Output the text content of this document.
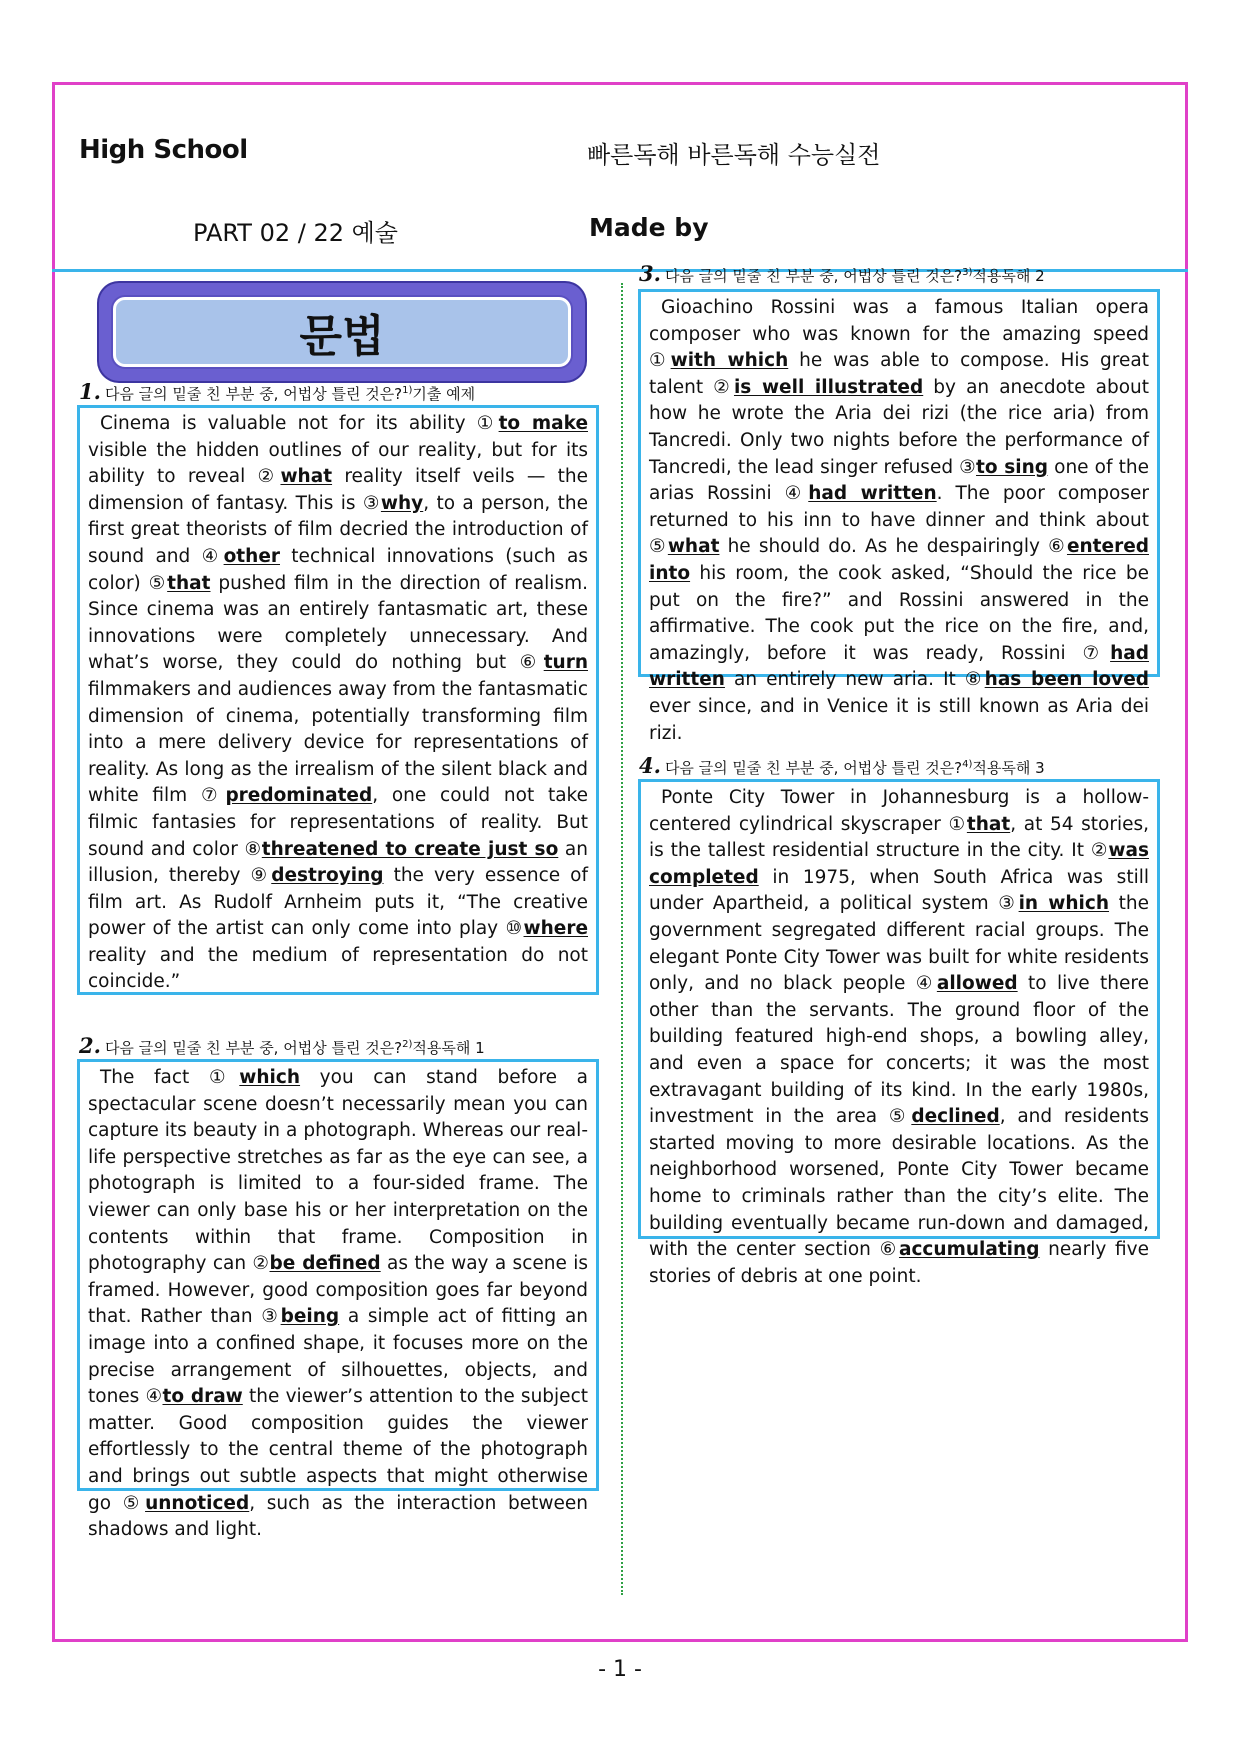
High School	빠른독해 바른독해 수능실전
PART 02 / 22 예술	Made by
문법
1. 다음 글의 밑줄 친 부분 중, 어법상 틀린 것은?$^{1)}$기출 예제
Cinema is valuable not for its ability ①to make visible the hidden outlines of our reality, but for its ability to reveal ②what reality itself veils — the dimension of fantasy. This is ③why, to a person, the first great theorists of film decried the introduction of sound and ④other technical innovations (such as color) ⑤that pushed film in the direction of realism. Since cinema was an entirely fantasmatic art, these innovations were completely unnecessary. And what’s worse, they could do nothing but ⑥turn filmmakers and audiences away from the fantasmatic dimension of cinema, potentially transforming film into a mere delivery device for representations of reality. As long as the irrealism of the silent black and white film ⑦predominated, one could not take filmic fantasies for representations of reality. But sound and color ⑧threatened to create just so an illusion, thereby ⑨destroying the very essence of film art. As Rudolf Arnheim puts it, “The creative power of the artist can only come into play ⑩where reality and the medium of representation do not coincide.”
2. 다음 글의 밑줄 친 부분 중, 어법상 틀린 것은?$^{2)}$적용독해 1
The fact ①which you can stand before a spectacular scene doesn’t necessarily mean you can capture its beauty in a photograph. Whereas our real-life perspective stretches as far as the eye can see, a photograph is limited to a four-sided frame. The viewer can only base his or her interpretation on the contents within that frame. Composition in photography can ②be defined as the way a scene is framed. However, good composition goes far beyond that. Rather than ③being a simple act of fitting an image into a confined shape, it focuses more on the precise arrangement of silhouettes, objects, and tones ④to draw the viewer’s attention to the subject matter. Good composition guides the viewer effortlessly to the central theme of the photograph and brings out subtle aspects that might otherwise go ⑤unnoticed, such as the interaction between shadows and light.
3. 다음 글의 밑줄 친 부분 중, 어법상 틀린 것은?$^{3)}$적용독해 2
Gioachino Rossini was a famous Italian opera composer who was known for the amazing speed ①with which he was able to compose. His great talent ②is well illustrated by an anecdote about how he wrote the Aria dei rizi (the rice aria) from Tancredi. Only two nights before the performance of Tancredi, the lead singer refused ③to sing one of the arias Rossini ④had written. The poor composer returned to his inn to have dinner and think about ⑤what he should do. As he despairingly ⑥entered into his room, the cook asked, “Should the rice be put on the fire?” and Rossini answered in the affirmative. The cook put the rice on the fire, and, amazingly, before it was ready, Rossini ⑦had written an entirely new aria. It ⑧has been loved ever since, and in Venice it is still known as Aria dei rizi.
4. 다음 글의 밑줄 친 부분 중, 어법상 틀린 것은?$^{4)}$적용독해 3
Ponte City Tower in Johannesburg is a hollow-centered cylindrical skyscraper ①that, at 54 stories, is the tallest residential structure in the city. It ②was completed in 1975, when South Africa was still under Apartheid, a political system ③in which the government segregated different racial groups. The elegant Ponte City Tower was built for white residents only, and no black people ④allowed to live there other than the servants. The ground floor of the building featured high-end shops, a bowling alley, and even a space for concerts; it was the most extravagant building of its kind. In the early 1980s, investment in the area ⑤declined, and residents started moving to more desirable locations. As the neighborhood worsened, Ponte City Tower became home to criminals rather than the city’s elite. The building eventually became run-down and damaged, with the center section ⑥accumulating nearly five stories of debris at one point.
- 1 -
